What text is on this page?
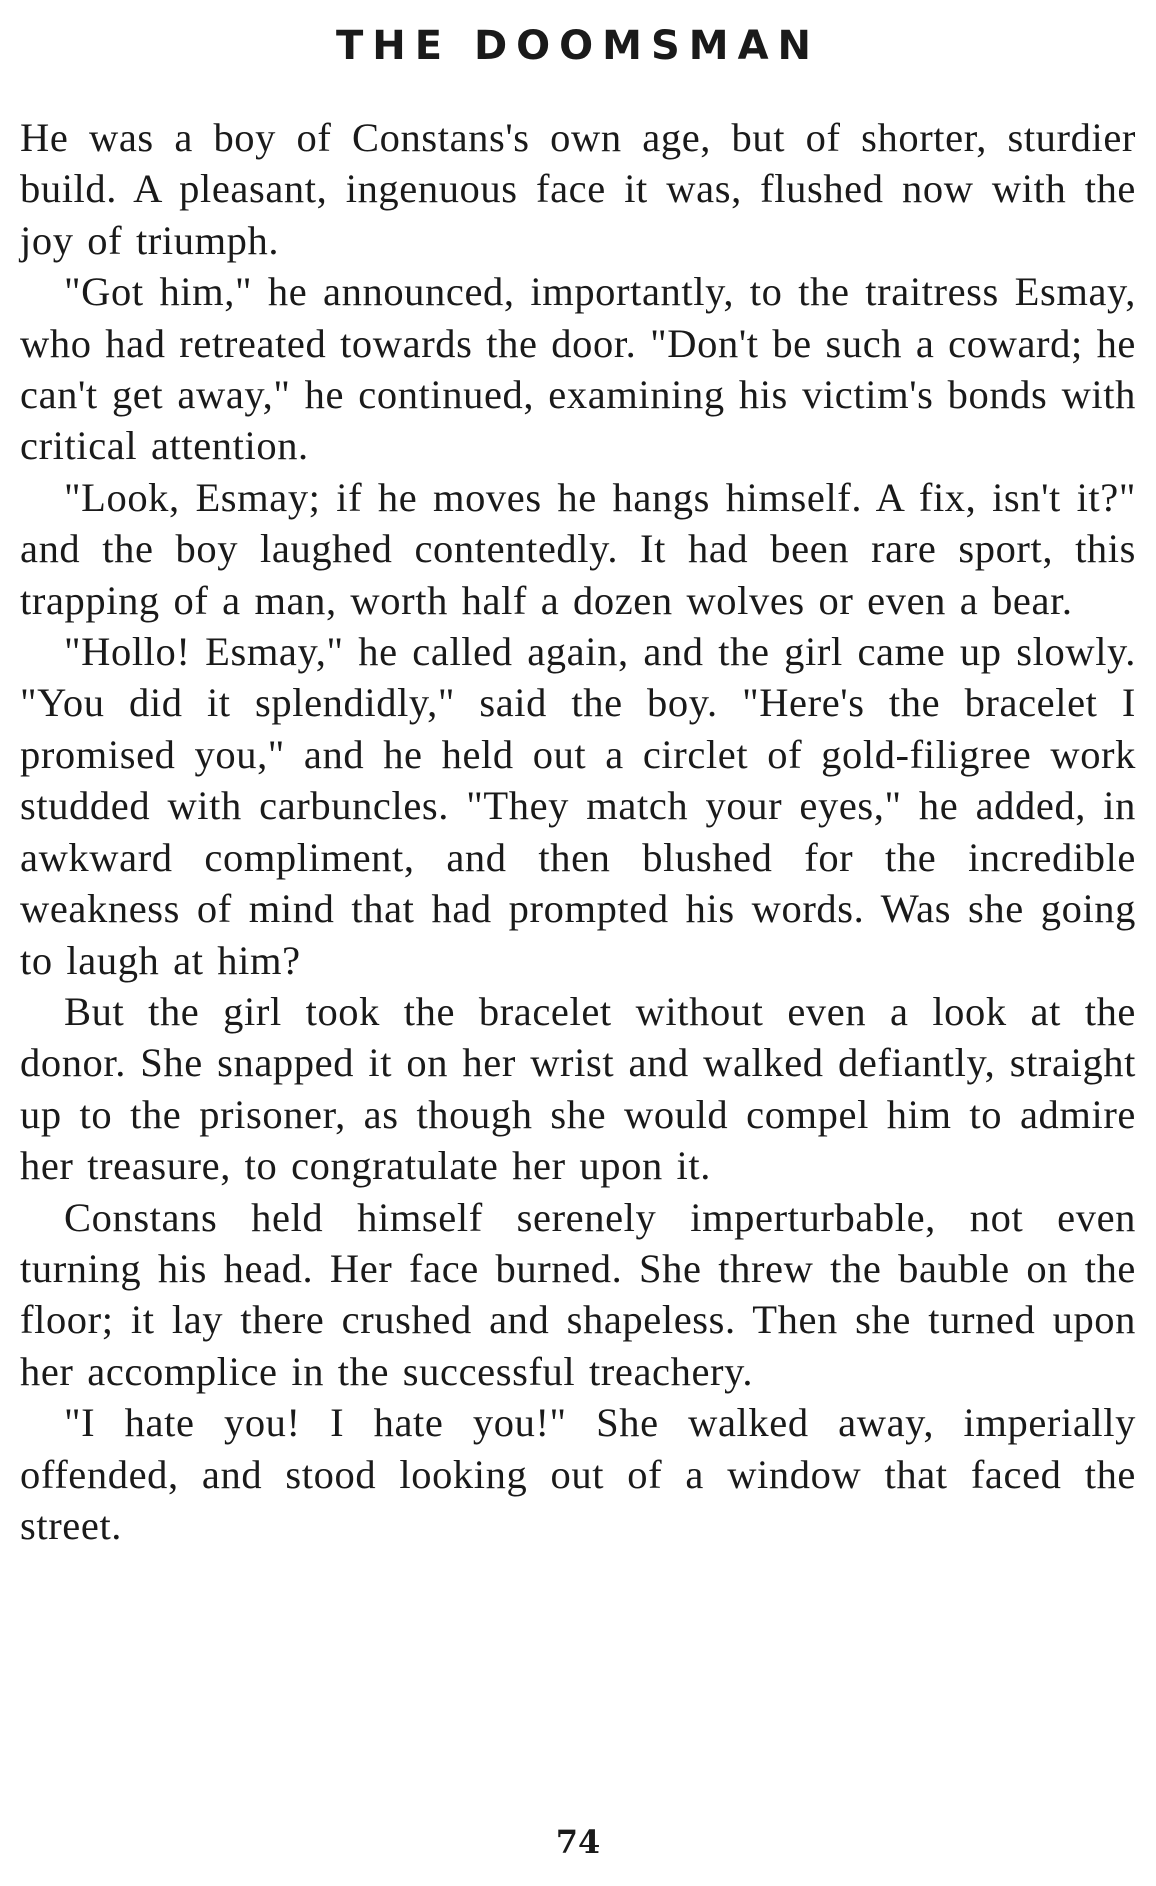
THE DOOMSMAN

He was a boy of Constans's own age, but of shorter, sturdier build. A pleasant, ingenuous face it was, flushed now with the joy of triumph.

"Got him," he announced, importantly, to the traitress Esmay, who had retreated towards the door. "Don't be such a coward; he can't get away," he continued, examining his victim's bonds with critical attention.

"Look, Esmay; if he moves he hangs himself. A fix, isn't it?" and the boy laughed contentedly. It had been rare sport, this trapping of a man, worth half a dozen wolves or even a bear.

"Hollo! Esmay," he called again, and the girl came up slowly. "You did it splendidly," said the boy. "Here's the bracelet I promised you," and he held out a circlet of gold-filigree work studded with carbuncles. "They match your eyes," he added, in awkward compliment, and then blushed for the incredible weakness of mind that had prompted his words. Was she going to laugh at him?

But the girl took the bracelet without even a look at the donor. She snapped it on her wrist and walked defiantly, straight up to the prisoner, as though she would compel him to admire her treasure, to congratulate her upon it.

Constans held himself serenely imperturbable, not even turning his head. Her face burned. She threw the bauble on the floor; it lay there crushed and shapeless. Then she turned upon her accomplice in the successful treachery.

"I hate you! I hate you!" She walked away, imperially offended, and stood looking out of a window that faced the street.

74
